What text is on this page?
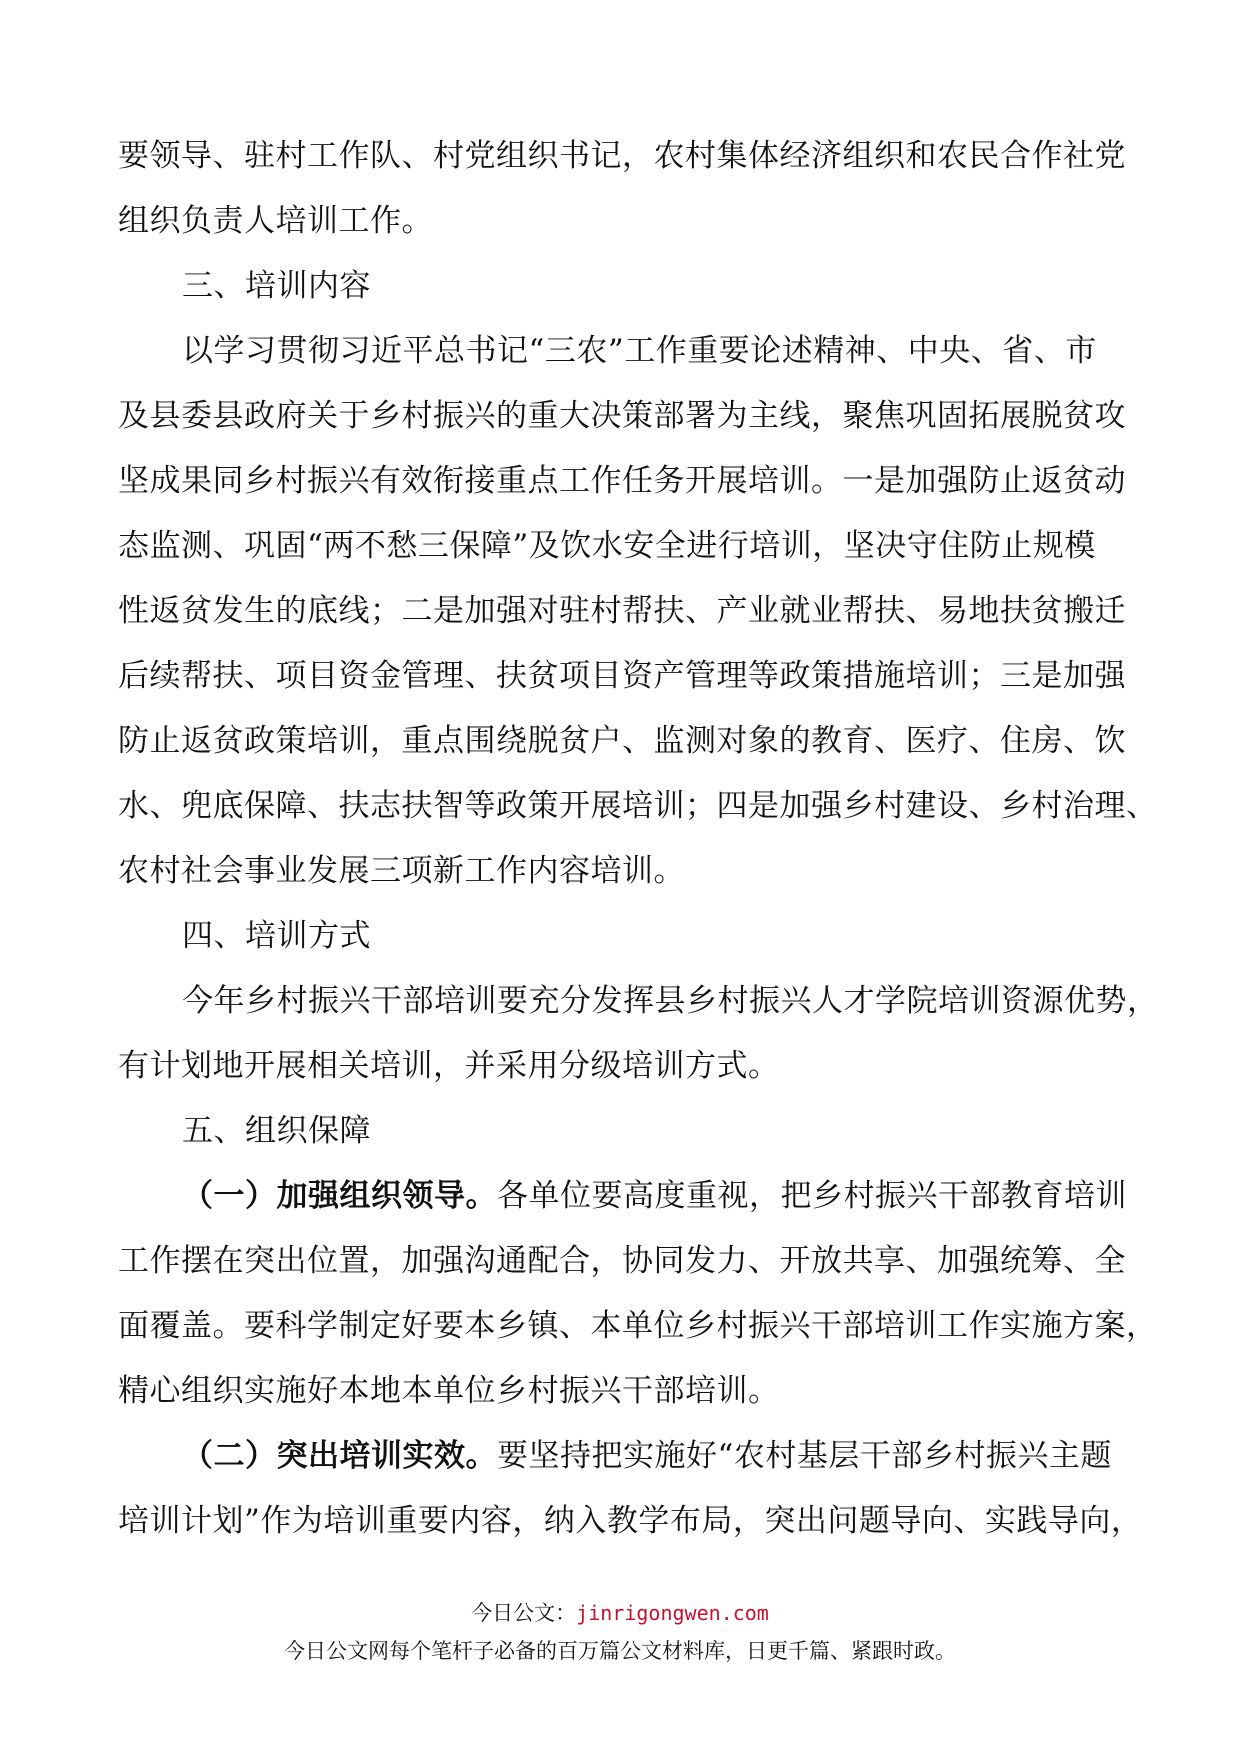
要领导、驻村工作队、村党组织书记，农村集体经济组织和农民合作社党
组织负责人培训工作。
三、培训内容
以学习贯彻习近平总书记“三农”工作重要论述精神、中央、省、市
及县委县政府关于乡村振兴的重大决策部署为主线，聚焦巩固拓展脱贫攻
坚成果同乡村振兴有效衔接重点工作任务开展培训。一是加强防止返贫动
态监测、巩固“两不愁三保障”及饮水安全进行培训，坚决守住防止规模
性返贫发生的底线；二是加强对驻村帮扶、产业就业帮扶、易地扶贫搬迁
后续帮扶、项目资金管理、扶贫项目资产管理等政策措施培训；三是加强
防止返贫政策培训，重点围绕脱贫户、监测对象的教育、医疗、住房、饮
水、兜底保障、扶志扶智等政策开展培训；四是加强乡村建设、乡村治理、
农村社会事业发展三项新工作内容培训。
四、培训方式
今年乡村振兴干部培训要充分发挥县乡村振兴人才学院培训资源优势，
有计划地开展相关培训，并采用分级培训方式。
五、组织保障
（一）加强组织领导。各单位要高度重视，把乡村振兴干部教育培训
工作摆在突出位置，加强沟通配合，协同发力、开放共享、加强统筹、全
面覆盖。要科学制定好要本乡镇、本单位乡村振兴干部培训工作实施方案，
精心组织实施好本地本单位乡村振兴干部培训。
（二）突出培训实效。要坚持把实施好“农村基层干部乡村振兴主题
培训计划”作为培训重要内容，纳入教学布局，突出问题导向、实践导向，
今日公文：jinrigongwen.com
今日公文网每个笔杆子必备的百万篇公文材料库，日更千篇、紧跟时政。
